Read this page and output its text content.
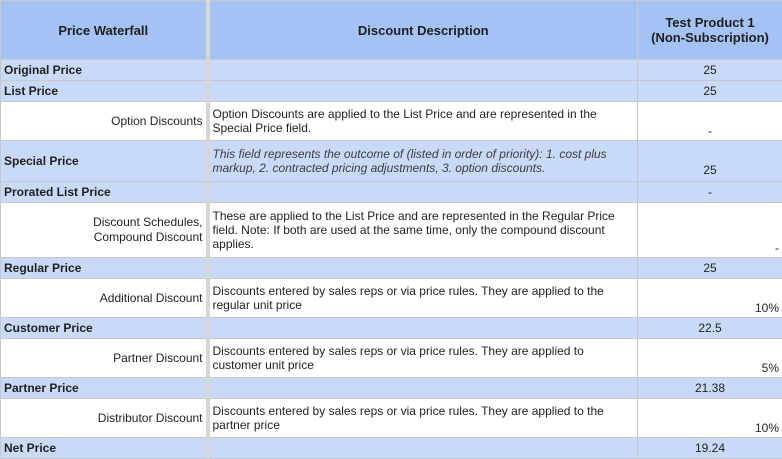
Price Waterfall	Discount Description	Test Product 1
(Non-Subscription)
Original Price		25
List Price		25
Option Discounts	Option Discounts are applied to the List Price and are represented in the Special Price field.	-
Special Price	This field represents the outcome of (listed in order of priority): 1. cost plus markup, 2. contracted pricing adjustments, 3. option discounts.	25
Prorated List Price		-
Discount Schedules,
Compound Discount	These are applied to the List Price and are represented in the Regular Price field. Note: If both are used at the same time, only the compound discount applies.	-
Regular Price		25
Additional Discount	Discounts entered by sales reps or via price rules. They are applied to the regular unit price	10%
Customer Price		22.5
Partner Discount	Discounts entered by sales reps or via price rules. They are applied to customer unit price	5%
Partner Price		21.38
Distributor Discount	Discounts entered by sales reps or via price rules. They are applied to the partner price	10%
Net Price		19.24
